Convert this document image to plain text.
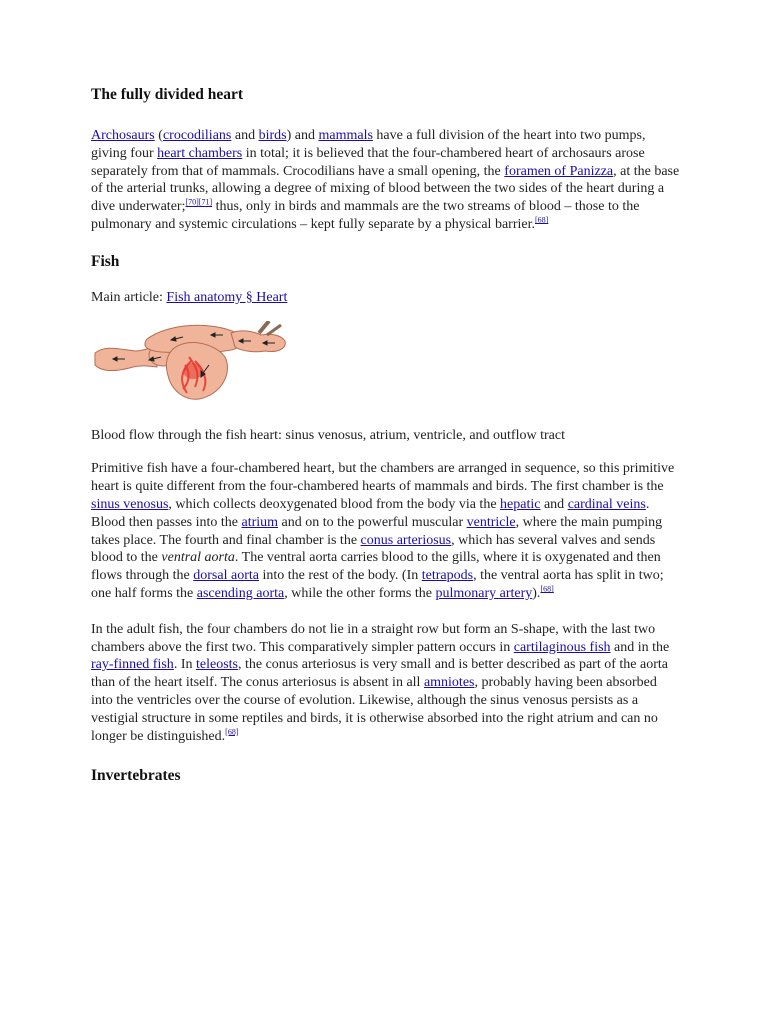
The fully divided heart

Archosaurs (crocodilians and birds) and mammals have a full division of the heart into two pumps, giving four heart chambers in total; it is believed that the four-chambered heart of archosaurs arose separately from that of mammals. Crocodilians have a small opening, the foramen of Panizza, at the base of the arterial trunks, allowing a degree of mixing of blood between the two sides of the heart during a dive underwater;[70][71] thus, only in birds and mammals are the two streams of blood – those to the pulmonary and systemic circulations – kept fully separate by a physical barrier.[68]

Fish

Main article: Fish anatomy § Heart

Blood flow through the fish heart: sinus venosus, atrium, ventricle, and outflow tract

Primitive fish have a four-chambered heart, but the chambers are arranged in sequence, so this primitive heart is quite different from the four-chambered hearts of mammals and birds. The first chamber is the sinus venosus, which collects deoxygenated blood from the body via the hepatic and cardinal veins. Blood then passes into the atrium and on to the powerful muscular ventricle, where the main pumping takes place. The fourth and final chamber is the conus arteriosus, which has several valves and sends blood to the ventral aorta. The ventral aorta carries blood to the gills, where it is oxygenated and then flows through the dorsal aorta into the rest of the body. (In tetrapods, the ventral aorta has split in two; one half forms the ascending aorta, while the other forms the pulmonary artery).[68]

In the adult fish, the four chambers do not lie in a straight row but form an S-shape, with the last two chambers above the first two. This comparatively simpler pattern occurs in cartilaginous fish and in the ray-finned fish. In teleosts, the conus arteriosus is very small and is better described as part of the aorta than of the heart itself. The conus arteriosus is absent in all amniotes, probably having been absorbed into the ventricles over the course of evolution. Likewise, although the sinus venosus persists as a vestigial structure in some reptiles and birds, it is otherwise absorbed into the right atrium and can no longer be distinguished.[68]

Invertebrates
